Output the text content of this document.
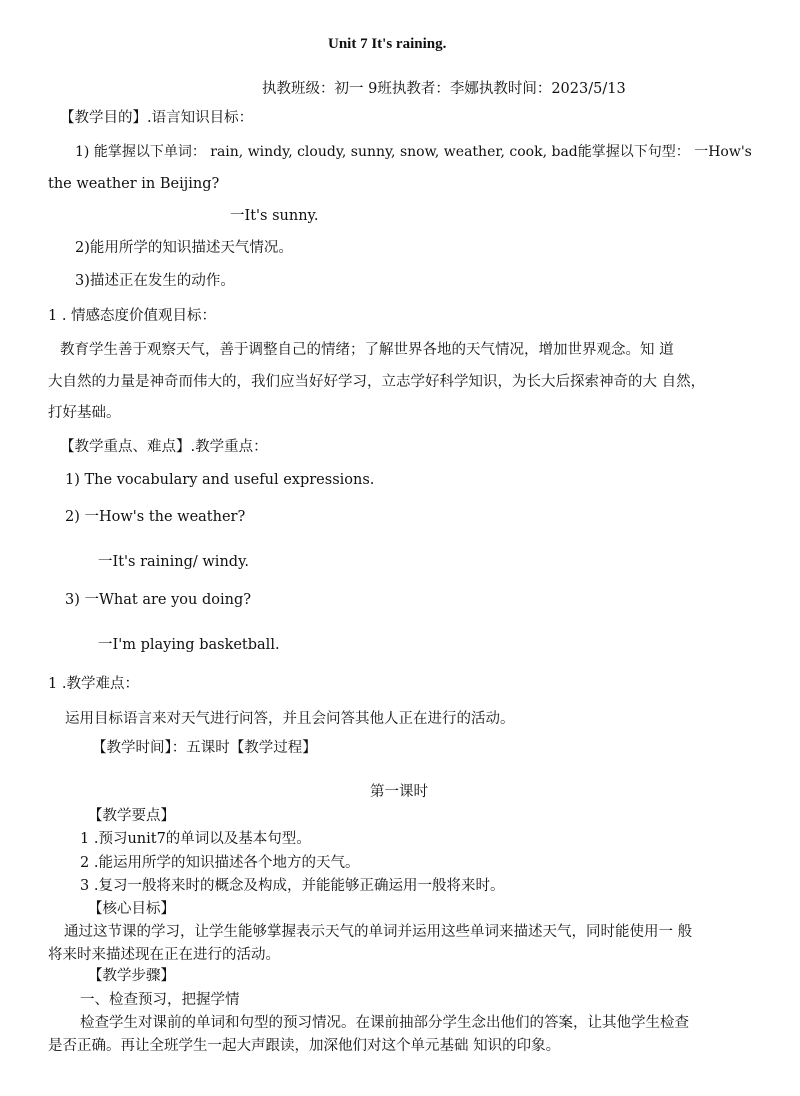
Unit 7 It's raining.
执教班级：初一 9班执教者：李娜执教时间：2023/5/13
【教学目的】.语言知识目标：
1) 能掌握以下单词： rain, windy, cloudy, sunny, snow, weather, cook, bad能掌握以下句型： 一How's
the weather in Beijing?
一It's sunny.
2)能用所学的知识描述天气情况。
3)描述正在发生的动作。
1 . 情感态度价值观目标：
教育学生善于观察天气，善于调整自己的情绪；了解世界各地的天气情况，增加世界观念。知 道
大自然的力量是神奇而伟大的，我们应当好好学习，立志学好科学知识，为长大后探索神奇的大 自然，
打好基础。
【教学重点、难点】.教学重点：
1) The vocabulary and useful expressions.
2) 一How's the weather?
一It's raining/ windy.
3) 一What are you doing?
一I'm playing basketball.
1 .教学难点：
运用目标语言来对天气进行问答，并且会问答其他人正在进行的活动。
【教学时间】：五课时【教学过程】
第一课时
【教学要点】
1 .预习unit7的单词以及基本句型。
2 .能运用所学的知识描述各个地方的天气。
3 .复习一般将来时的概念及构成，并能能够正确运用一般将来时。
【核心目标】
通过这节课的学习，让学生能够掌握表示天气的单词并运用这些单词来描述天气，同时能使用一 般
将来时来描述现在正在进行的活动。
【教学步骤】
一、检查预习，把握学情
检查学生对课前的单词和句型的预习情况。在课前抽部分学生念出他们的答案，让其他学生检查
是否正确。再让全班学生一起大声跟读，加深他们对这个单元基础 知识的印象。
